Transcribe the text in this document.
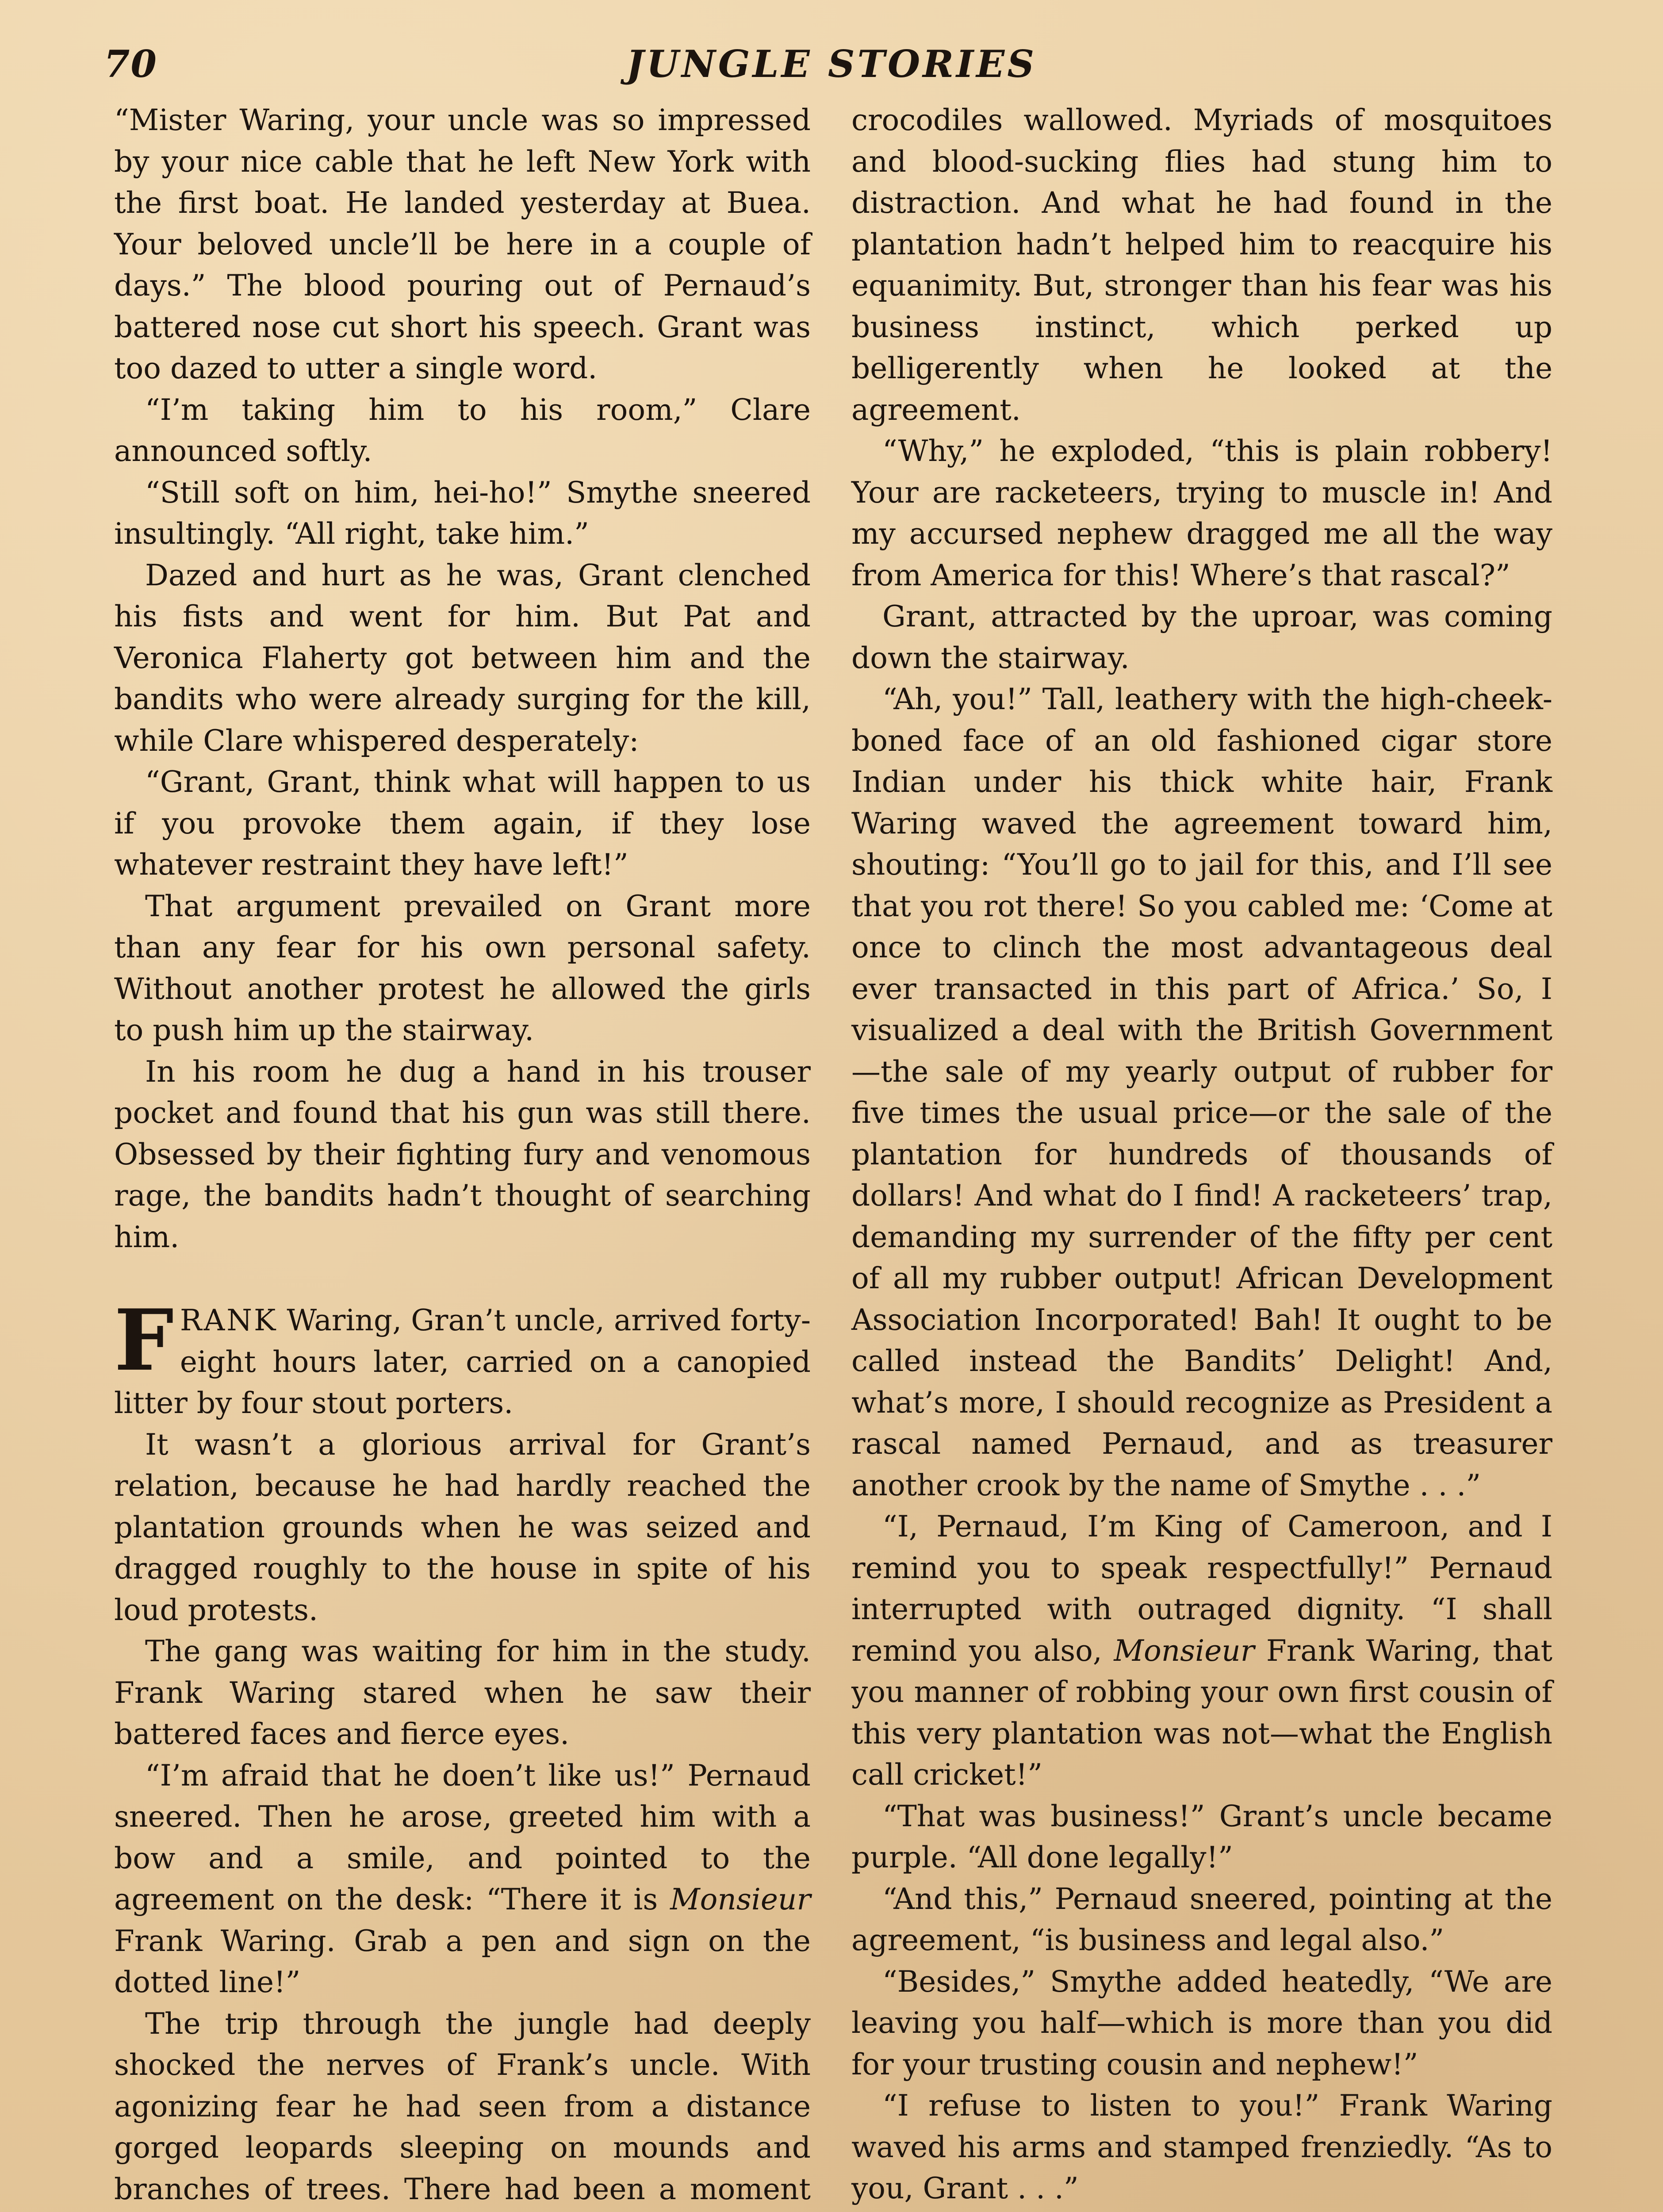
70	JUNGLE STORIES

“Mister Waring, your uncle was so impressed by your nice cable that he left New York with the first boat. He landed yesterday at Buea. Your beloved uncle’ll be here in a couple of days.” The blood pouring out of Pernaud’s battered nose cut short his speech. Grant was too dazed to utter a single word.

“I’m taking him to his room,” Clare announced softly.

“Still soft on him, hei-ho!” Smythe sneered insultingly. “All right, take him.”

Dazed and hurt as he was, Grant clenched his fists and went for him. But Pat and Veronica Flaherty got between him and the bandits who were already surging for the kill, while Clare whispered desperately:

“Grant, Grant, think what will happen to us if you provoke them again, if they lose whatever restraint they have left!”

That argument prevailed on Grant more than any fear for his own personal safety. Without another protest he allowed the girls to push him up the stairway.

In his room he dug a hand in his trouser pocket and found that his gun was still there. Obsessed by their fighting fury and venomous rage, the bandits hadn’t thought of searching him.

FRANK Waring, Gran’t uncle, arrived forty-eight hours later, carried on a canopied litter by four stout porters.

It wasn’t a glorious arrival for Grant’s relation, because he had hardly reached the plantation grounds when he was seized and dragged roughly to the house in spite of his loud protests.

The gang was waiting for him in the study. Frank Waring stared when he saw their battered faces and fierce eyes.

“I’m afraid that he doen’t like us!” Pernaud sneered. Then he arose, greeted him with a bow and a smile, and pointed to the agreement on the desk: “There it is Monsieur Frank Waring. Grab a pen and sign on the dotted line!”

The trip through the jungle had deeply shocked the nerves of Frank’s uncle. With agonizing fear he had seen from a distance gorged leopards sleeping on mounds and branches of trees. There had been a moment

crocodiles wallowed. Myriads of mosquitoes and blood-sucking flies had stung him to distraction. And what he had found in the plantation hadn’t helped him to reacquire his equanimity. But, stronger than his fear was his business instinct, which perked up belligerently when he looked at the agreement.

“Why,” he exploded, “this is plain robbery! Your are racketeers, trying to muscle in! And my accursed nephew dragged me all the way from America for this! Where’s that rascal?”

Grant, attracted by the uproar, was coming down the stairway.

“Ah, you!” Tall, leathery with the high-cheek-boned face of an old fashioned cigar store Indian under his thick white hair, Frank Waring waved the agreement toward him, shouting: “You’ll go to jail for this, and I’ll see that you rot there! So you cabled me: ‘Come at once to clinch the most advantageous deal ever transacted in this part of Africa.’ So, I visualized a deal with the British Government—the sale of my yearly output of rubber for five times the usual price—or the sale of the plantation for hundreds of thousands of dollars! And what do I find! A racketeers’ trap, demanding my surrender of the fifty per cent of all my rubber output! African Development Association Incorporated! Bah! It ought to be called instead the Bandits’ Delight! And, what’s more, I should recognize as President a rascal named Pernaud, and as treasurer another crook by the name of Smythe . . .”

“I, Pernaud, I’m King of Cameroon, and I remind you to speak respectfully!” Pernaud interrupted with outraged dignity. “I shall remind you also, Monsieur Frank Waring, that you manner of robbing your own first cousin of this very plantation was not—what the English call cricket!”

“That was business!” Grant’s uncle became purple. “All done legally!”

“And this,” Pernaud sneered, pointing at the agreement, “is business and legal also.”

“Besides,” Smythe added heatedly, “We are leaving you half—which is more than you did for your trusting cousin and nephew!”

“I refuse to listen to you!” Frank Waring waved his arms and stamped frenziedly. “As to you, Grant . . .”
